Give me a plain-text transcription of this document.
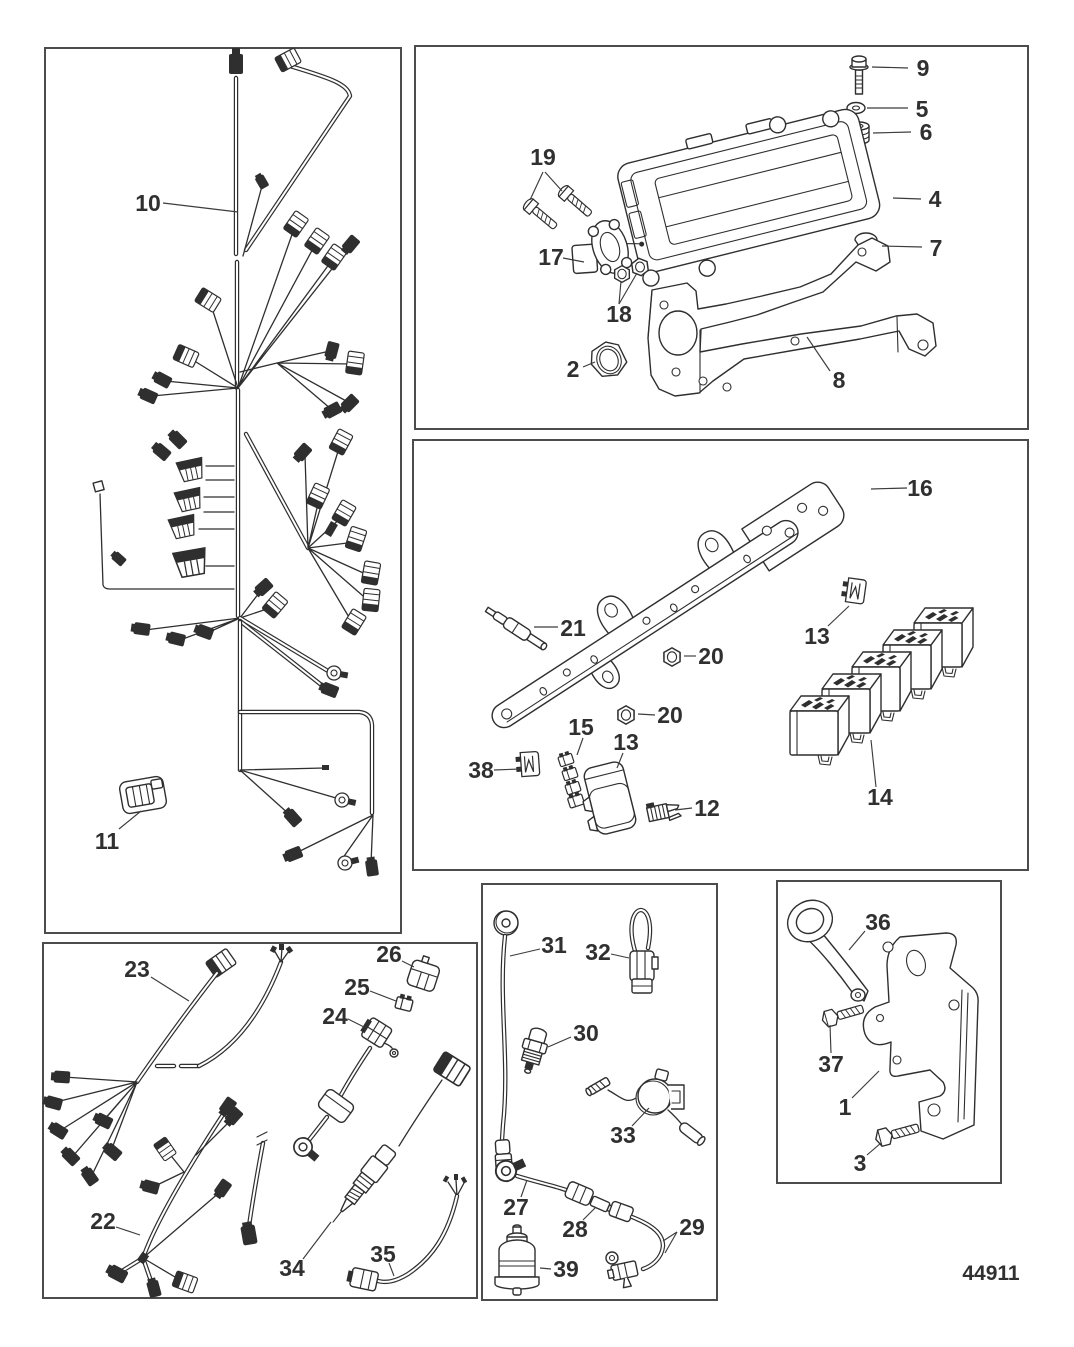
10
11
9
5
6
4
7
8
19
17
18
2
16
21	13
20
20
15
13
38
12	14
23
26
25
24
22
34
35
31 32
30
33
27
28	29
39
36
37
1
3
44911
